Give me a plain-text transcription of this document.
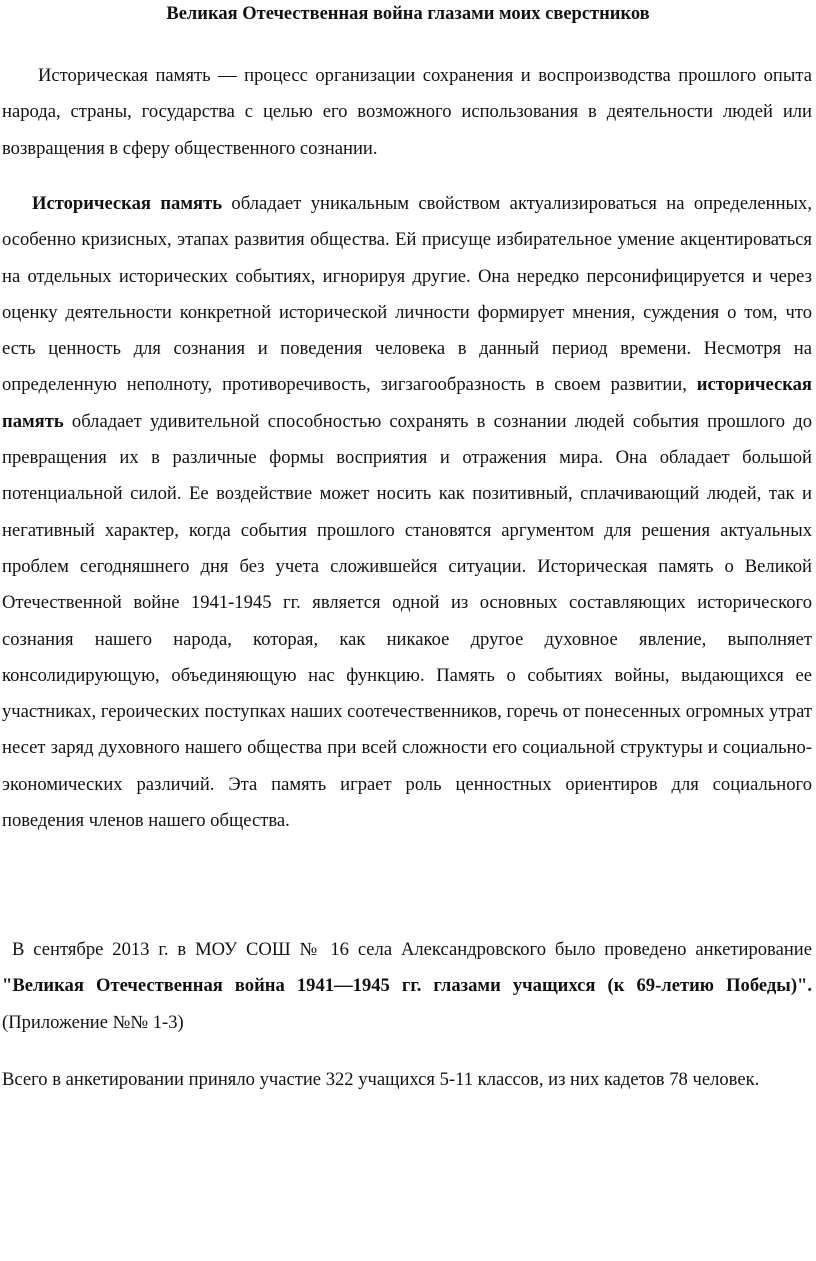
Великая Отечественная война глазами моих сверстников

Историческая память — процесс организации сохранения и воспроизводства прошлого опыта народа, страны, государства с целью его возможного использования в деятельности людей или возвращения в сферу общественного сознании.

Историческая память обладает уникальным свойством актуализироваться на определенных, особенно кризисных, этапах развития общества. Ей присуще избирательное умение акцентироваться на отдельных исторических событиях, игнорируя другие. Она нередко персонифицируется и через оценку деятельности конкретной исторической личности формирует мнения, суждения о том, что есть ценность для сознания и поведения человека в данный период времени. Несмотря на определенную неполноту, противоречивость, зигзагообразность в своем развитии, историческая память обладает удивительной способностью сохранять в сознании людей события прошлого до превращения их в различные формы восприятия и отражения мира. Она обладает большой потенциальной силой. Ее воздействие может носить как позитивный, сплачивающий людей, так и негативный характер, когда события прошлого становятся аргументом для решения актуальных проблем сегодняшнего дня без учета сложившейся ситуации. Историческая память о Великой Отечественной войне 1941-1945 гг. является одной из основных составляющих исторического сознания нашего народа, которая, как никакое другое духовное явление, выполняет консолидирующую, объединяющую нас функцию. Память о событиях войны, выдающихся ее участниках, героических поступках наших соотечественников, горечь от понесенных огромных утрат несет заряд духовного нашего общества при всей сложности его социальной структуры и социально-экономических различий. Эта память играет роль ценностных ориентиров для социального поведения членов нашего общества.

В сентябре 2013 г. в МОУ СОШ № 16 села Александровского было проведено анкетирование "Великая Отечественная война 1941—1945 гг. глазами учащихся (к 69-летию Победы)". (Приложение №№ 1-3)

Всего в анкетировании приняло участие 322 учащихся 5-11 классов, из них кадетов 78 человек.
